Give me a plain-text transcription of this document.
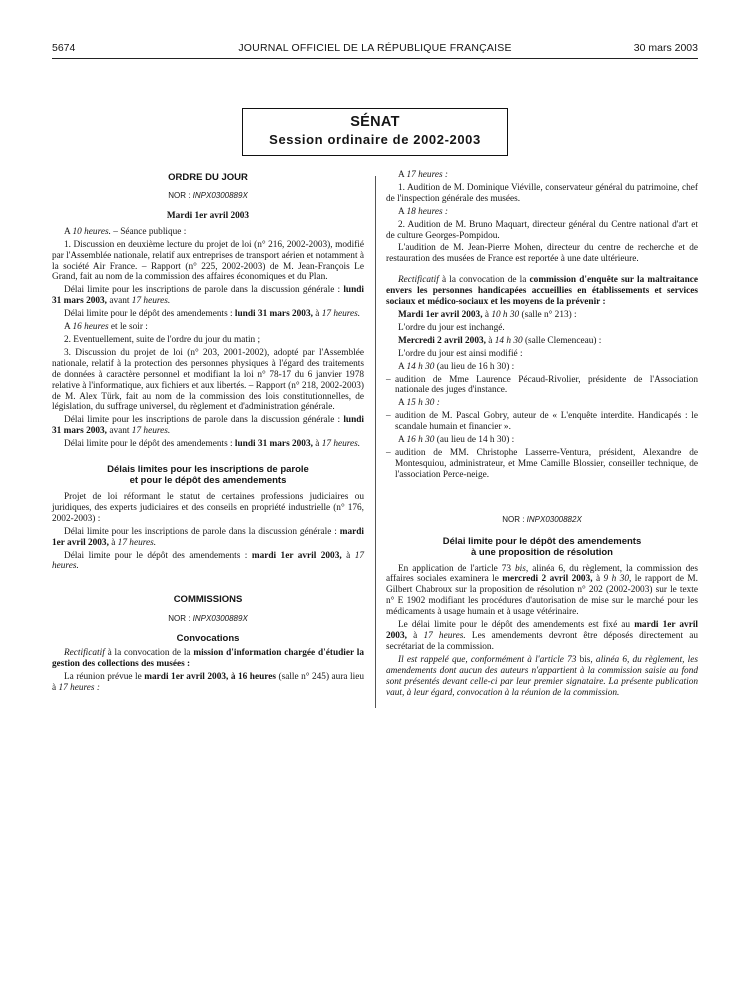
5674	JOURNAL OFFICIEL DE LA RÉPUBLIQUE FRANÇAISE	30 mars 2003
SÉNAT
Session ordinaire de 2002-2003
ORDRE DU JOUR
NOR : INPX0300889X
Mardi 1er avril 2003

A 10 heures. – Séance publique :

1. Discussion en deuxième lecture du projet de loi (n° 216, 2002-2003), modifié par l'Assemblée nationale, relatif aux entreprises de transport aérien et notamment à la société Air France. – Rapport (n° 225, 2002-2003) de M. Jean-François Le Grand, fait au nom de la commission des affaires économiques et du Plan.

Délai limite pour les inscriptions de parole dans la discussion générale : lundi 31 mars 2003, avant 17 heures.

Délai limite pour le dépôt des amendements : lundi 31 mars 2003, à 17 heures.

A 16 heures et le soir :

2. Eventuellement, suite de l'ordre du jour du matin ;

3. Discussion du projet de loi (n° 203, 2001-2002), adopté par l'Assemblée nationale, relatif à la protection des personnes physiques à l'égard des traitements de données à caractère personnel et modifiant la loi n° 78-17 du 6 janvier 1978 relative à l'informatique, aux fichiers et aux libertés. – Rapport (n° 218, 2002-2003) de M. Alex Türk, fait au nom de la commission des lois constitutionnelles, de législation, du suffrage universel, du règlement et d'administration générale.

Délai limite pour les inscriptions de parole dans la discussion générale : lundi 31 mars 2003, avant 17 heures.

Délai limite pour le dépôt des amendements : lundi 31 mars 2003, à 17 heures.

Délais limites pour les inscriptions de parole
et pour le dépôt des amendements

Projet de loi réformant le statut de certaines professions judiciaires ou juridiques, des experts judiciaires et des conseils en propriété industrielle (n° 176, 2002-2003) :

Délai limite pour les inscriptions de parole dans la discussion générale : mardi 1er avril 2003, à 17 heures.

Délai limite pour le dépôt des amendements : mardi 1er avril 2003, à 17 heures.

COMMISSIONS
NOR : INPX0300889X
Convocations

Rectificatif à la convocation de la mission d'information chargée d'étudier la gestion des collections des musées :

La réunion prévue le mardi 1er avril 2003, à 16 heures (salle n° 245) aura lieu à 17 heures :

A 17 heures :

1. Audition de M. Dominique Viéville, conservateur général du patrimoine, chef de l'inspection générale des musées.

A 18 heures :

2. Audition de M. Bruno Maquart, directeur général du Centre national d'art et de culture Georges-Pompidou.

L'audition de M. Jean-Pierre Mohen, directeur du centre de recherche et de restauration des musées de France est reportée à une date ultérieure.

Rectificatif à la convocation de la commission d'enquête sur la maltraitance envers les personnes handicapées accueillies en établissements et services sociaux et médico-sociaux et les moyens de la prévenir :

Mardi 1er avril 2003, à 10 h 30 (salle n° 213) :

L'ordre du jour est inchangé.

Mercredi 2 avril 2003, à 14 h 30 (salle Clemenceau) :

L'ordre du jour est ainsi modifié :

A 14 h 30 (au lieu de 16 h 30) :

– audition de Mme Laurence Pécaud-Rivolier, présidente de l'Association nationale des juges d'instance.

A 15 h 30 :

– audition de M. Pascal Gobry, auteur de « L'enquête interdite. Handicapés : le scandale humain et financier ».

A 16 h 30 (au lieu de 14 h 30) :

– audition de MM. Christophe Lasserre-Ventura, président, Alexandre de Montesquiou, administrateur, et Mme Camille Blossier, conseiller technique, de l'association Perce-neige.

NOR : INPX0300882X
Délai limite pour le dépôt des amendements
à une proposition de résolution

En application de l'article 73 bis, alinéa 6, du règlement, la commission des affaires sociales examinera le mercredi 2 avril 2003, à 9 h 30, le rapport de M. Gilbert Chabroux sur la proposition de résolution n° 202 (2002-2003) sur le texte n° E 1902 modifiant les procédures d'autorisation de mise sur le marché pour les médicaments à usage humain et à usage vétérinaire.

Le délai limite pour le dépôt des amendements est fixé au mardi 1er avril 2003, à 17 heures. Les amendements devront être déposés directement au secrétariat de la commission.

Il est rappelé que, conformément à l'article 73 bis, alinéa 6, du règlement, les amendements dont aucun des auteurs n'appartient à la commission saisie au fond sont présentés devant celle-ci par leur premier signataire. La présente publication vaut, à leur égard, convocation à la réunion de la commission.
